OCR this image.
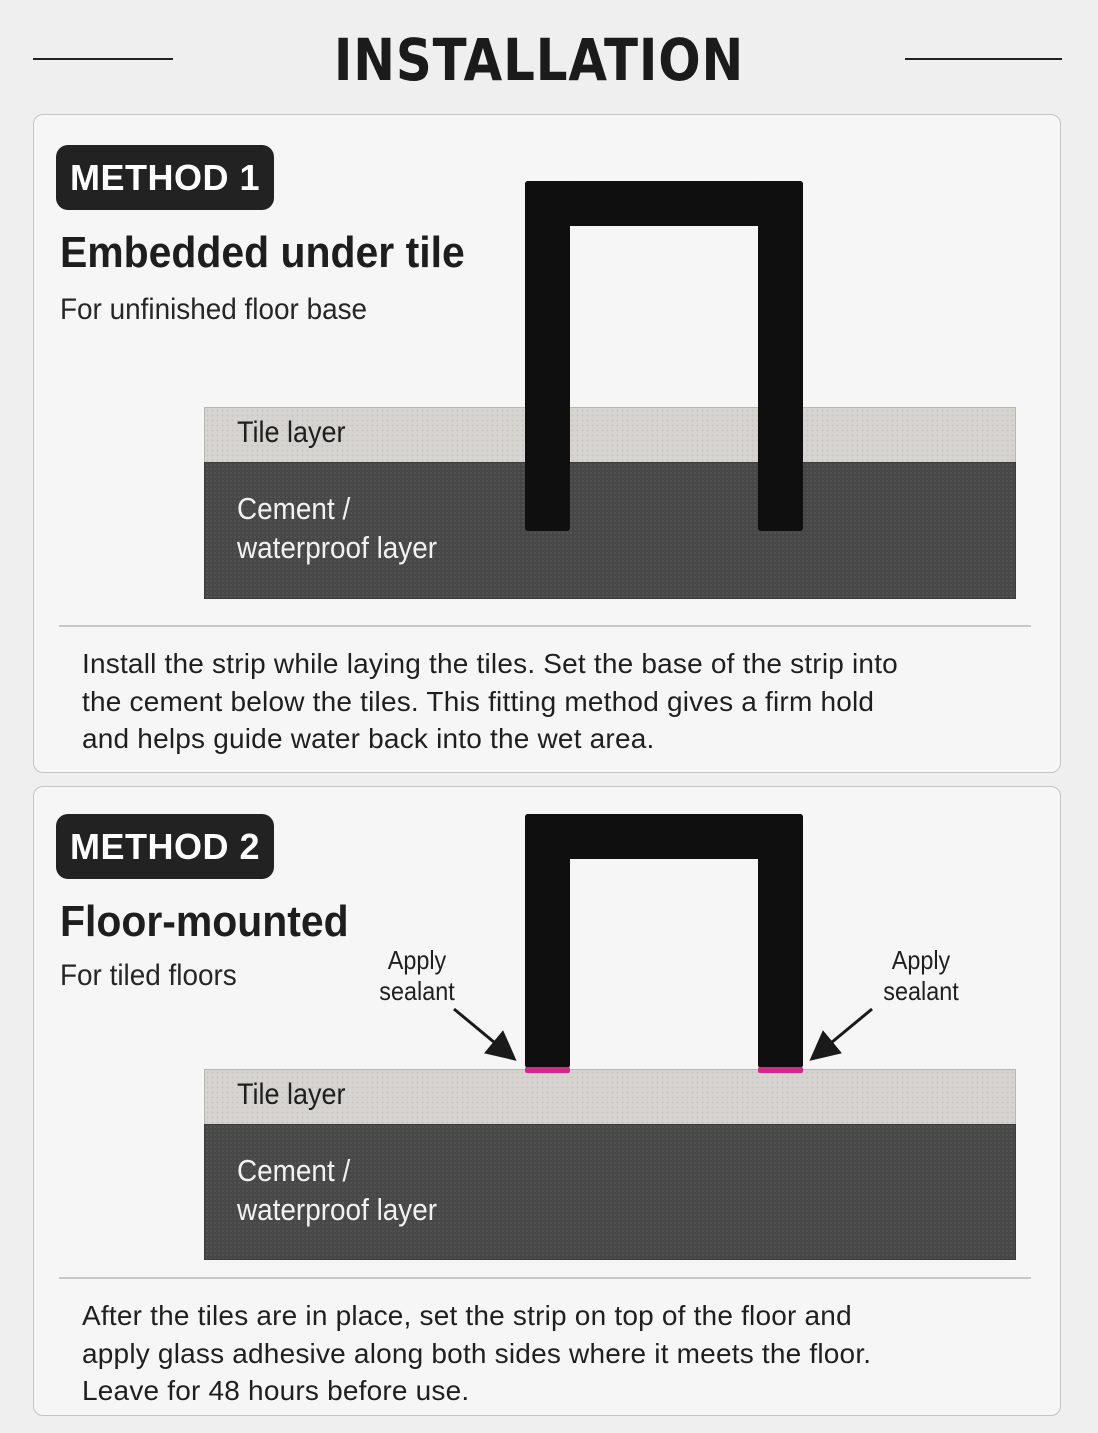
INSTALLATION
METHOD 1
Embedded under tile
For unfinished floor base
Tile layer
Cement /
waterproof layer
Install the strip while laying the tiles. Set the base of the strip into
the cement below the tiles. This fitting method gives a firm hold
and helps guide water back into the wet area.
METHOD 2
Floor-mounted
For tiled floors	Apply
sealant
Apply
sealant
Tile layer
Cement /
waterproof layer
After the tiles are in place, set the strip on top of the floor and
apply glass adhesive along both sides where it meets the floor.
Leave for 48 hours before use.
